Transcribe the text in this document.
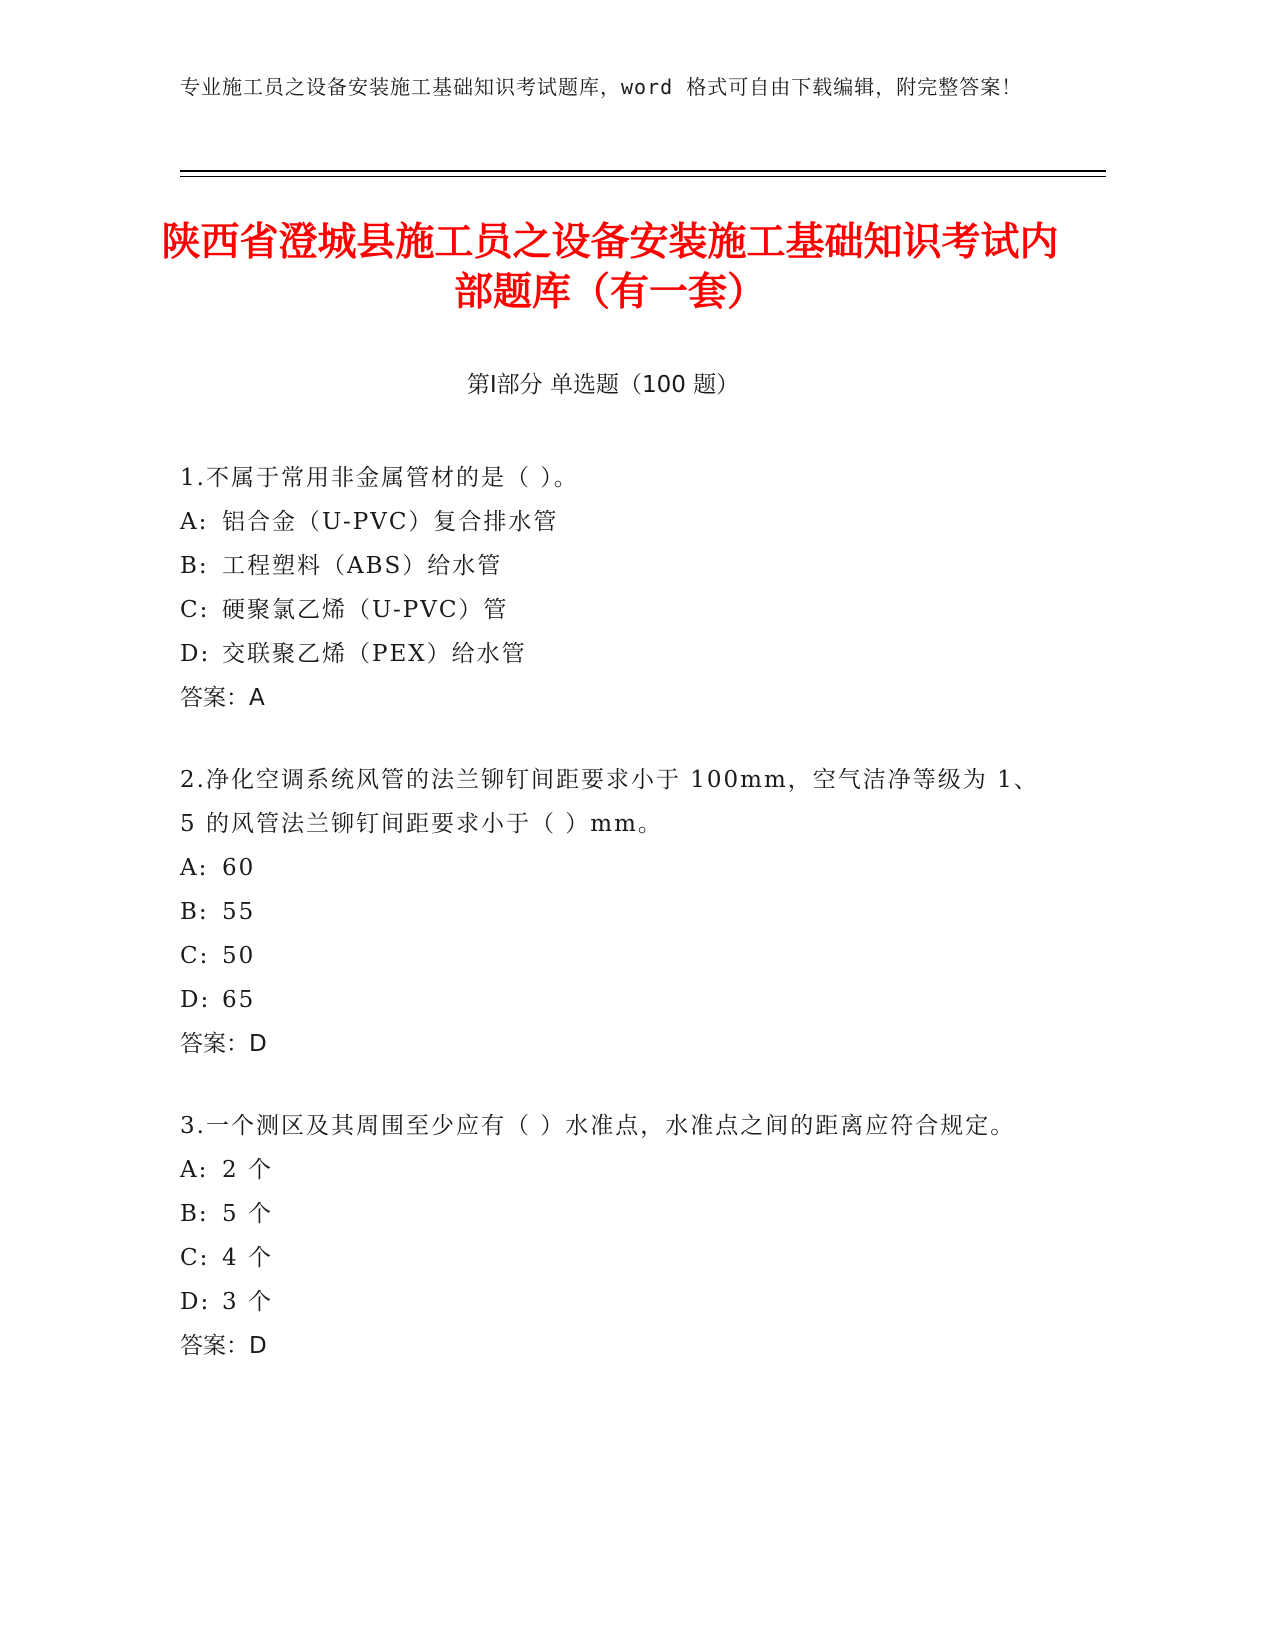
专业施工员之设备安装施工基础知识考试题库，word 格式可自由下载编辑，附完整答案！
陕西省澄城县施工员之设备安装施工基础知识考试内部题库（有一套）
第Ⅰ部分 单选题（100 题）

1.不属于常用非金属管材的是（ ）。

A: 铝合金（U-PVC）复合排水管

B: 工程塑料（ABS）给水管

C: 硬聚氯乙烯（U-PVC）管

D: 交联聚乙烯（PEX）给水管

答案：A

2.净化空调系统风管的法兰铆钉间距要求小于 100mm，空气洁净等级为 1、5 的风管法兰铆钉间距要求小于（ ）mm。

A: 60

B: 55

C: 50

D: 65

答案：D

3.一个测区及其周围至少应有（ ）水准点，水准点之间的距离应符合规定。

A: 2 个

B: 5 个

C: 4 个

D: 3 个

答案：D
